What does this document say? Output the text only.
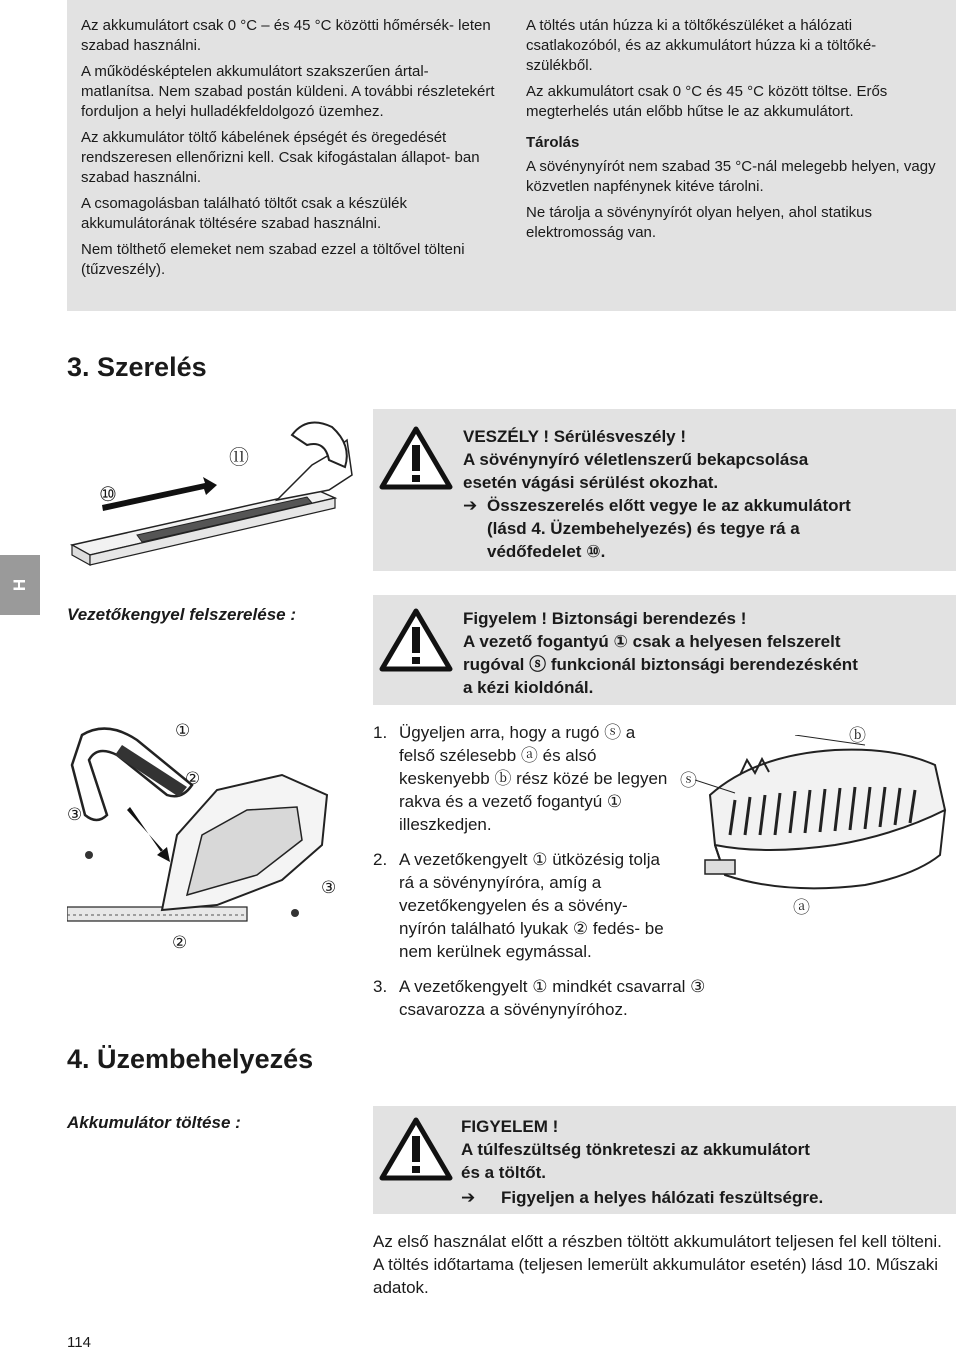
Az akkumulátort csak 0 °C – és 45 °C közötti hőmérsék- leten szabad használni.

A működésképtelen akkumulátort szakszerűen ártal- matlanítsa. Nem szabad postán küldeni. A további részletekért forduljon a helyi hulladékfeldolgozó üzemhez.

Az akkumulátor töltő kábelének épségét és öregedését rendszeresen ellenőrizni kell. Csak kifogástalan állapot- ban szabad használni.

A csomagolásban található töltőt csak a készülék akkumulátorának töltésére szabad használni.

Nem tölthető elemeket nem szabad ezzel a töltővel tölteni (tűzveszély).

A töltés után húzza ki a töltőkészüléket a hálózati csatlakozóból, és az akkumulátort húzza ki a töltőké- szülékből.

Az akkumulátort csak 0 °C és 45 °C között töltse. Erős megterhelés után előbb hűtse le az akkumulátort.

Tárolás

A sövénynyírót nem szabad 35 °C-nál melegebb helyen, vagy közvetlen napfénynek kitéve tárolni.

Ne tárolja a sövénynyírót olyan helyen, ahol statikus elektromosság van.

3. Szerelés
⑩
⑪
VESZÉLY ! Sérülésveszély !
A sövénynyíró véletlenszerű bekapcsolása
esetén vágási sérülést okozhat.
➔ Összeszerelés előtt vegye le az akkumulátort
(lásd 4. Üzembehelyezés) és tegye rá a
védőfedelet ⑩.
H
Vezetőkengyel felszerelése :	Figyelem ! Biztonsági berendezés !
A vezető fogantyú ① csak a helyesen felszerelt
rugóval ⓢ funkcionál biztonsági berendezésként
a kézi kioldónál.
①
②
③
③
②
1. Ügyeljen arra, hogy a rugó ⓢ a felső szélesebb ⓐ és alsó keskenyebb ⓑ rész közé be legyen rakva és a vezető fogantyú ① illeszkedjen.
2. A vezetőkengyelt ① ütközésig tolja rá a sövénynyíróra, amíg a vezetőkengyelen és a sövény- nyírón található lyukak ② fedés- be nem kerülnek egymással.
3. A vezetőkengyelt ① mindkét csavarral ③ csavarozza a sövénynyíróhoz.
ⓑ
ⓢ
ⓐ
4. Üzembehelyezés
Akkumulátor töltése :	FIGYELEM !
A túlfeszültség tönkreteszi az akkumulátort
és a töltőt.
➔	Figyeljen a helyes hálózati feszültségre.
Az első használat előtt a részben töltött akkumulátort teljesen fel kell tölteni. A töltés időtartama (teljesen lemerült akkumulátor esetén) lásd 10. Műszaki adatok.
114
